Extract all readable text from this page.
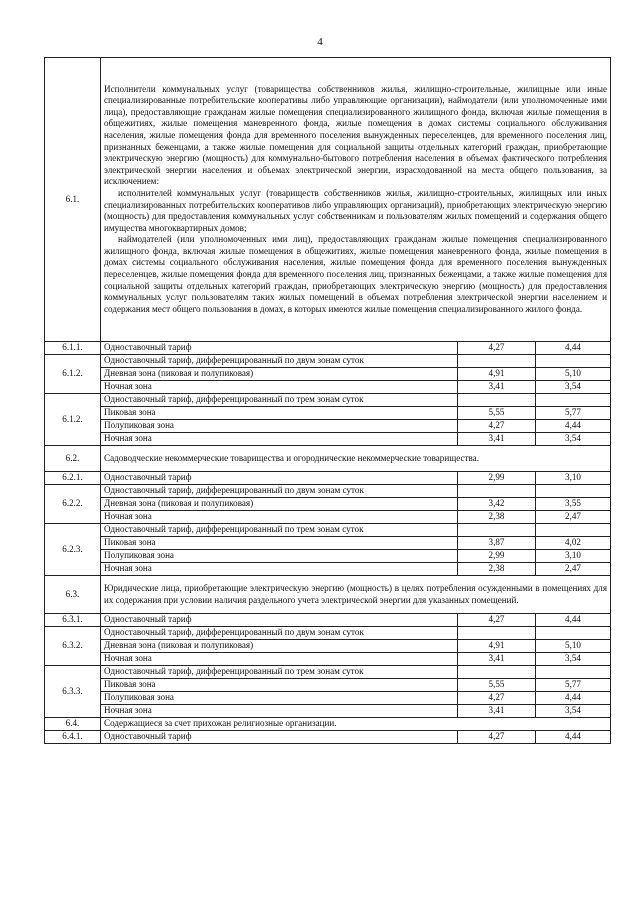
4
6.1.	Исполнители коммунальных услуг (товарищества собственников жилья, жилищно-строительные, жилищные или иные специализированные потребительские кооперативы либо управляющие организации), наймодатели (или уполномоченные ими лица), предоставляющие гражданам жилые помещения специализированного жилищного фонда, включая жилые помещения в общежитиях, жилые помещения маневренного фонда, жилые помещения в домах системы социального обслуживания населения, жилые помещения фонда для временного поселения вынужденных переселенцев, для временного поселения лиц, признанных беженцами, а также жилые помещения для социальной защиты отдельных категорий граждан, приобретающие электрическую энергию (мощность) для коммунально-бытового потребления населения в объемах фактического потребления электрической энергии населения и объемах электрической энергии, израсходованной на места общего пользования, за исключением:

исполнителей коммунальных услуг (товариществ собственников жилья, жилищно-строительных, жилищных или иных специализированных потребительских кооперативов либо управляющих организаций), приобретающих электрическую энергию (мощность) для предоставления коммунальных услуг собственникам и пользователям жилых помещений и содержания общего имущества многоквартирных домов;

наймодателей (или уполномоченных ими лиц), предоставляющих гражданам жилые помещения специализированного жилищного фонда, включая жилые помещения в общежитиях, жилые помещения маневренного фонда, жилые помещения в домах системы социального обслуживания населения, жилые помещения фонда для временного поселения вынужденных переселенцев, жилые помещения фонда для временного поселения лиц, признанных беженцами, а также жилые помещения для социальной защиты отдельных категорий граждан, приобретающих электрическую энергию (мощность) для предоставления коммунальных услуг пользователям таких жилых помещений в объемах потребления электрической энергии населением и содержания мест общего пользования в домах, в которых имеются жилые помещения специализированного жилого фонда.		

6.1.1.	Одноставочный тариф	4,27	4,44
6.1.2.	Одноставочный тариф, дифференцированный по двум зонам суток		
	Дневная зона (пиковая и полупиковая)	4,91	5,10
	Ночная зона	3,41	3,54
6.1.2.	Одноставочный тариф, дифференцированный по трем зонам суток		
	Пиковая зона	5,55	5,77
	Полупиковая зона	4,27	4,44
	Ночная зона	3,41	3,54
6.2.	Садоводческие некоммерческие товарищества и огороднические некоммерческие товарищества.		
6.2.1.	Одноставочный тариф	2,99	3,10
6.2.2.	Одноставочный тариф, дифференцированный по двум зонам суток		
	Дневная зона (пиковая и полупиковая)	3,42	3,55
	Ночная зона	2,38	2,47
6.2.3.	Одноставочный тариф, дифференцированный по трем зонам суток		
	Пиковая зона	3,87	4,02
	Полупиковая зона	2,99	3,10
	Ночная зона	2,38	2,47
6.3.	Юридические лица, приобретающие электрическую энергию (мощность) в целях потребления осужденными в помещениях для их содержания при условии наличия раздельного учета электрической энергии для указанных помещений.		
6.3.1.	Одноставочный тариф	4,27	4,44
6.3.2.	Одноставочный тариф, дифференцированный по двум зонам суток		
	Дневная зона (пиковая и полупиковая)	4,91	5,10
	Ночная зона	3,41	3,54
6.3.3.	Одноставочный тариф, дифференцированный по трем зонам суток		
	Пиковая зона	5,55	5,77
	Полупиковая зона	4,27	4,44
	Ночная зона	3,41	3,54
6.4.	Содержащиеся за счет прихожан религиозные организации.		
6.4.1.	Одноставочный тариф	4,27	4,44
